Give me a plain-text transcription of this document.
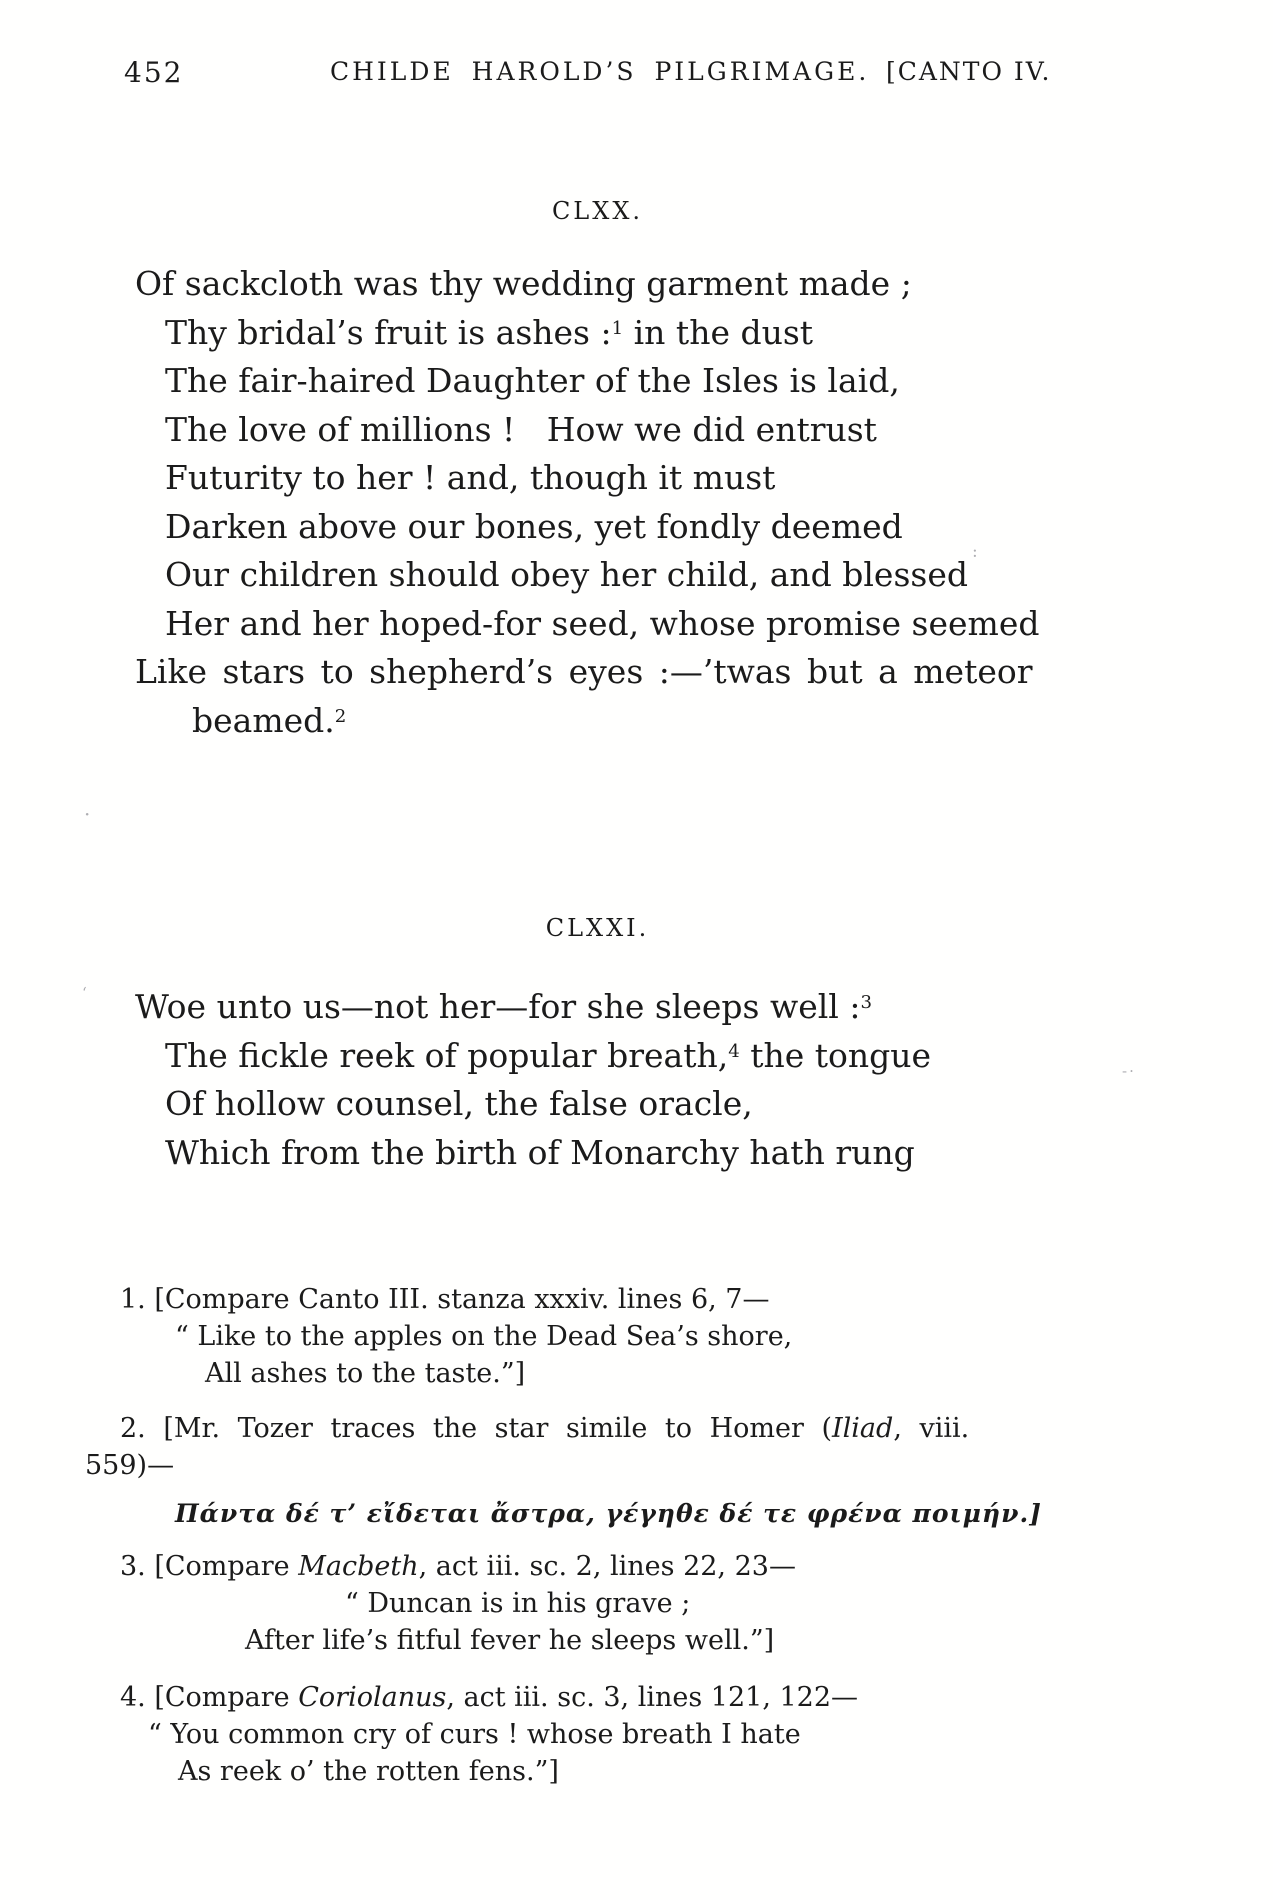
452	CHILDE HAROLD’S PILGRIMAGE. [CANTO IV.
CLXX.

Of sackcloth was thy wedding garment made ;

Thy bridal’s fruit is ashes :$^1$ in the dust

The fair-haired Daughter of the Isles is laid,

The love of millions !   How we did entrust

Futurity to her ! and, though it must

Darken above our bones, yet fondly deemed

Our children should obey her child, and blessed

Her and her hoped-for seed, whose promise seemed

Like stars to shepherd’s eyes :—’twas but a meteor

beamed.$^2$

CLXXI.

Woe unto us—not her—for she sleeps well :$^3$

The fickle reek of popular breath,$^4$ the tongue

Of hollow counsel, the false oracle,

Which from the birth of Monarchy hath rung

1. [Compare Canto III. stanza xxxiv. lines 6, 7—

“ Like to the apples on the Dead Sea’s shore,

All ashes to the taste.”]

2. [Mr. Tozer traces the star simile to Homer (Iliad, viii.

559)—

Πάντα δέ τ’ εἴδεται ἄστρα, γέγηθε δέ τε φρένα ποιμήν.]

3. [Compare Macbeth, act iii. sc. 2, lines 22, 23—

“ Duncan is in his grave ;

After life’s fitful fever he sleeps well.”]

4. [Compare Coriolanus, act iii. sc. 3, lines 121, 122—

“ You common cry of curs ! whose breath I hate

As reek o’ the rotten fens.”]

:
-·
·
ʻ
